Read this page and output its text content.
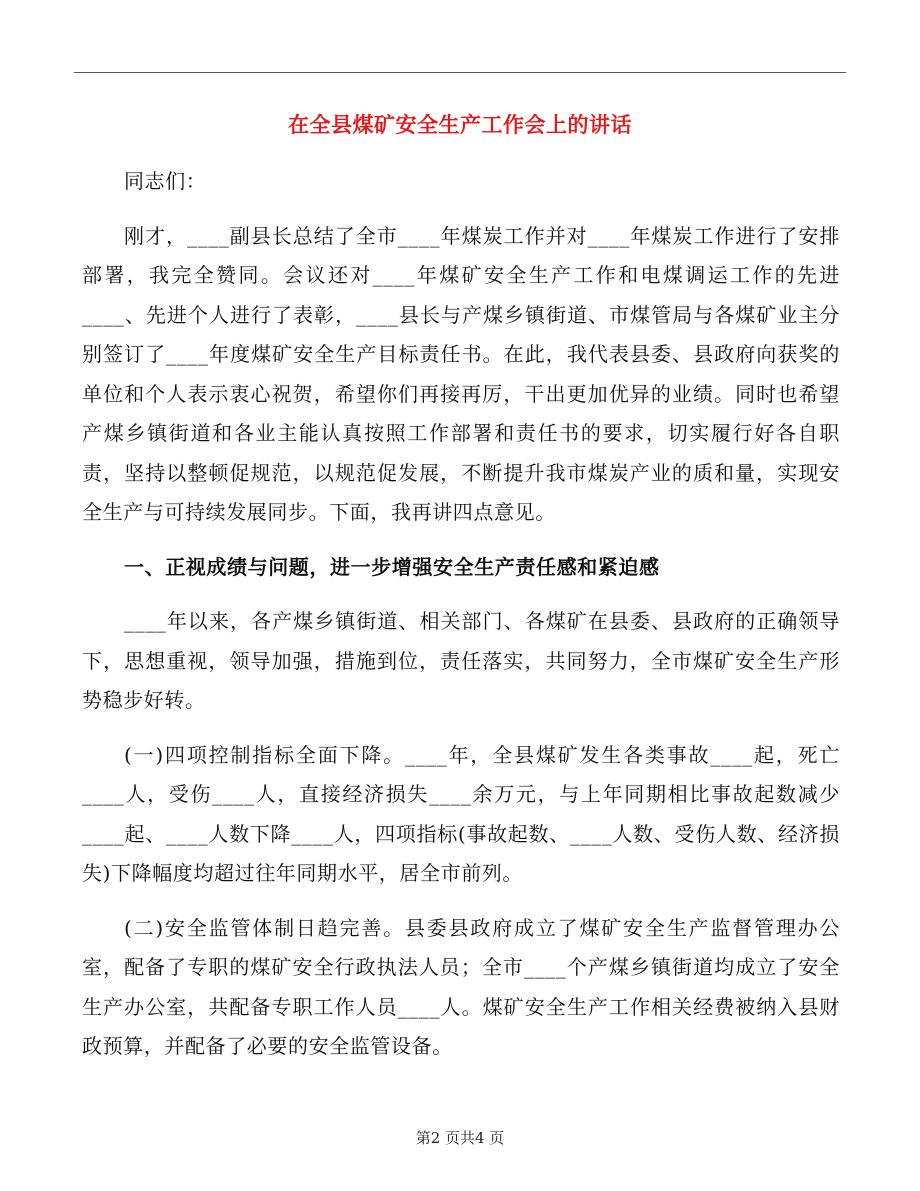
在全县煤矿安全生产工作会上的讲话

同志们：

刚才，____副县长总结了全市____年煤炭工作并对____年煤炭工作进行了安排部署，我完全赞同。会议还对____年煤矿安全生产工作和电煤调运工作的先进____、先进个人进行了表彰，____县长与产煤乡镇街道、市煤管局与各煤矿业主分别签订了____年度煤矿安全生产目标责任书。在此，我代表县委、县政府向获奖的单位和个人表示衷心祝贺，希望你们再接再厉，干出更加优异的业绩。同时也希望产煤乡镇街道和各业主能认真按照工作部署和责任书的要求，切实履行好各自职责，坚持以整顿促规范，以规范促发展，不断提升我市煤炭产业的质和量，实现安全生产与可持续发展同步。下面，我再讲四点意见。

一、正视成绩与问题，进一步增强安全生产责任感和紧迫感

____年以来，各产煤乡镇街道、相关部门、各煤矿在县委、县政府的正确领导下，思想重视，领导加强，措施到位，责任落实，共同努力，全市煤矿安全生产形势稳步好转。

(一)四项控制指标全面下降。____年，全县煤矿发生各类事故____起，死亡____人，受伤____人，直接经济损失____余万元，与上年同期相比事故起数减少____起、____人数下降____人，四项指标(事故起数、____人数、受伤人数、经济损失)下降幅度均超过往年同期水平，居全市前列。

(二)安全监管体制日趋完善。县委县政府成立了煤矿安全生产监督管理办公室，配备了专职的煤矿安全行政执法人员；全市____个产煤乡镇街道均成立了安全生产办公室，共配备专职工作人员____人。煤矿安全生产工作相关经费被纳入县财政预算，并配备了必要的安全监管设备。

第2 页共4 页
